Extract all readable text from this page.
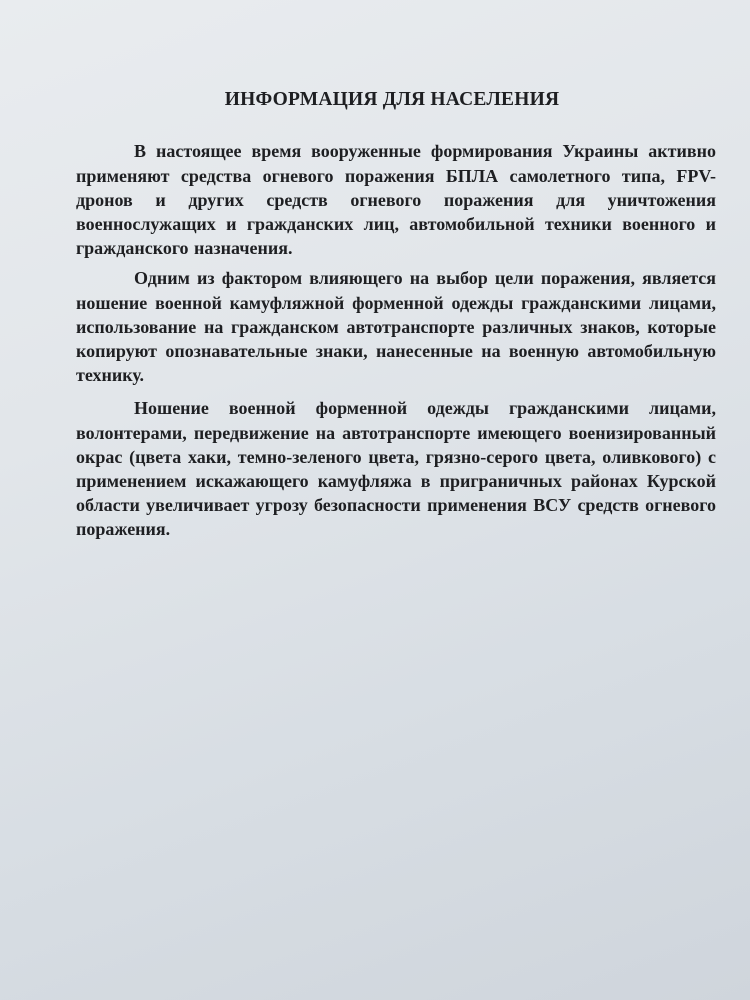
ИНФОРМАЦИЯ ДЛЯ НАСЕЛЕНИЯ

В настоящее время вооруженные формирования Украины активно применяют средства огневого поражения БПЛА самолетного типа, FPV-дронов и других средств огневого поражения для уничтожения военнослужащих и гражданских лиц, автомобильной техники военного и гражданского назначения.

Одним из фактором влияющего на выбор цели поражения, является ношение военной камуфляжной форменной одежды гражданскими лицами, использование на гражданском автотранспорте различных знаков, которые копируют опознавательные знаки, нанесенные на военную автомобильную технику.

Ношение военной форменной одежды гражданскими лицами, волонтерами, передвижение на автотранспорте имеющего военизированный окрас (цвета хаки, темно-зеленого цвета, грязно-серого цвета, оливкового) с применением искажающего камуфляжа в приграничных районах Курской области увеличивает угрозу безопасности применения ВСУ средств огневого поражения.
